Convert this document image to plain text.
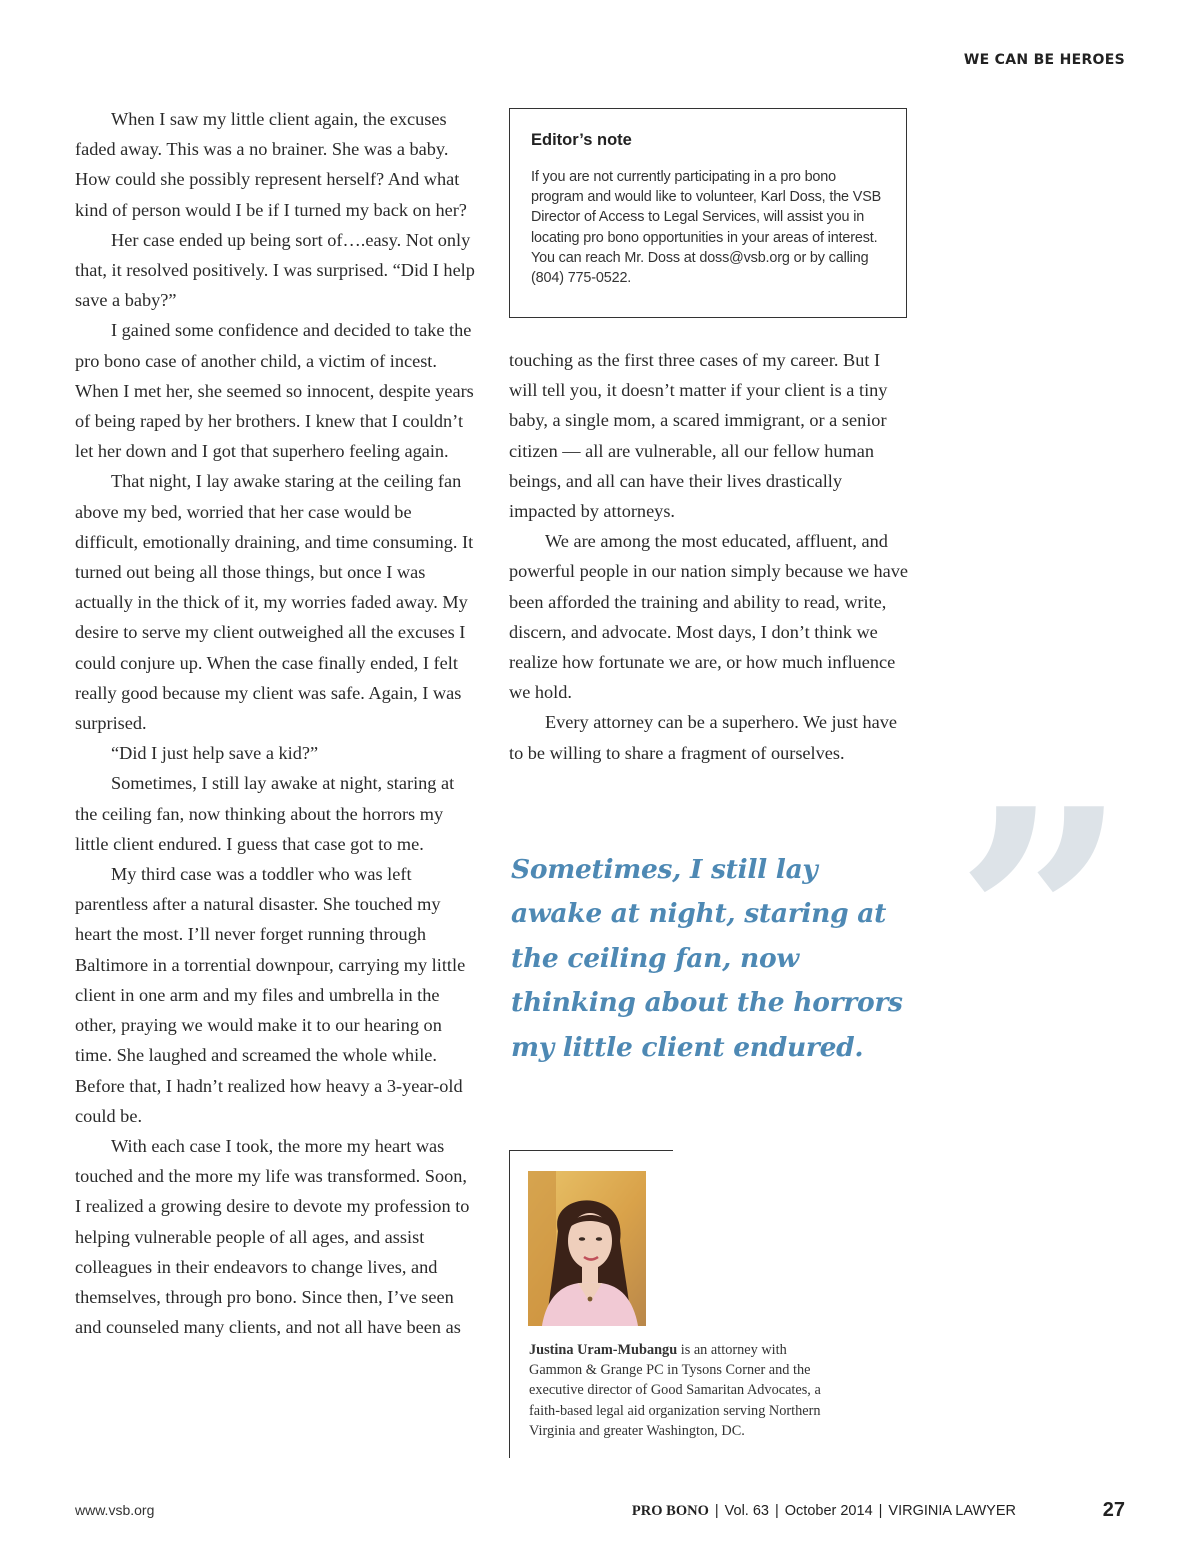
WE CAN BE HEROES

When I saw my little client again, the excuses faded away. This was a no brainer. She was a baby. How could she possibly represent herself? And what kind of person would I be if I turned my back on her?

Her case ended up being sort of….easy. Not only that, it resolved positively. I was surprised. “Did I help save a baby?”

I gained some confidence and decided to take the pro bono case of another child, a victim of incest. When I met her, she seemed so innocent, despite years of being raped by her brothers. I knew that I couldn’t let her down and I got that superhero feeling again.

That night, I lay awake staring at the ceiling fan above my bed, worried that her case would be difficult, emotionally draining, and time consuming. It turned out being all those things, but once I was actually in the thick of it, my worries faded away. My desire to serve my client outweighed all the excuses I could conjure up. When the case finally ended, I felt really good because my client was safe. Again, I was surprised.

“Did I just help save a kid?”

Sometimes, I still lay awake at night, staring at the ceiling fan, now thinking about the horrors my little client endured. I guess that case got to me.

My third case was a toddler who was left parentless after a natural disaster. She touched my heart the most. I’ll never forget running through Baltimore in a torrential downpour, carrying my little client in one arm and my files and umbrella in the other, praying we would make it to our hearing on time. She laughed and screamed the whole while. Before that, I hadn’t realized how heavy a 3-year-old could be.

With each case I took, the more my heart was touched and the more my life was transformed. Soon, I realized a growing desire to devote my profession to helping vulnerable people of all ages, and assist colleagues in their endeavors to change lives, and themselves, through pro bono. Since then, I’ve seen and counseled many clients, and not all have been as

Editor’s note
If you are not currently participating in a pro bono program and would like to volunteer, Karl Doss, the VSB Director of Access to Legal Services, will assist you in locating pro bono opportunities in your areas of interest. You can reach Mr. Doss at doss@vsb.org or by calling (804) 775-0522.

touching as the first three cases of my career. But I will tell you, it doesn’t matter if your client is a tiny baby, a single mom, a scared immigrant, or a senior citizen — all are vulnerable, all our fellow human beings, and all can have their lives drastically impacted by attorneys.

We are among the most educated, affluent, and powerful people in our nation simply because we have been afforded the training and ability to read, write, discern, and advocate. Most days, I don’t think we realize how fortunate we are, or how much influence we hold.

Every attorney can be a superhero. We just have to be willing to share a fragment of ourselves. ”
Sometimes, I still lay awake at night, staring at the ceiling fan, now thinking about the horrors my little client endured.
Justina Uram-Mubangu is an attorney with Gammon & Grange PC in Tysons Corner and the executive director of Good Samaritan Advocates, a faith-based legal aid organization serving Northern Virginia and greater Washington, DC.
www.vsb.org	PRO BONO | Vol. 63 | October 2014 | VIRGINIA LAWYER	27
